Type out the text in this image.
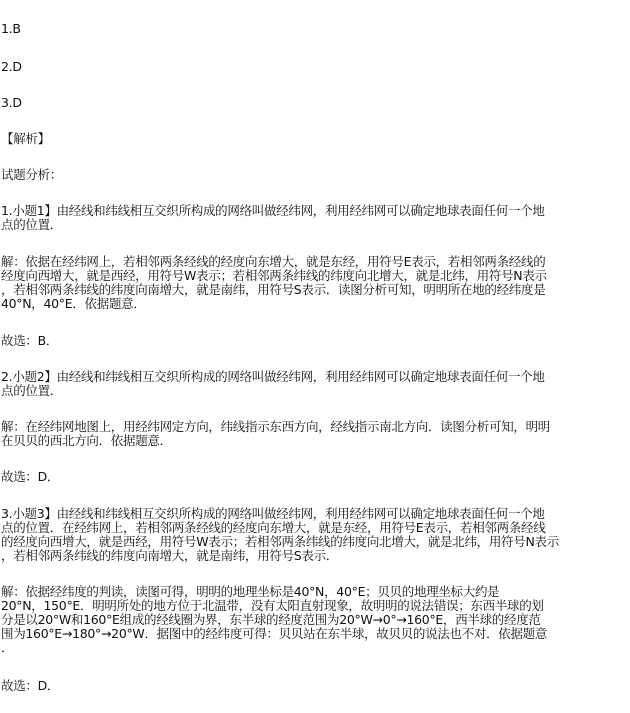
1.B
2.D
3.D
【解析】
试题分析：
1.小题1】由经线和纬线相互交织所构成的网络叫做经纬网，利用经纬网可以确定地球表面任何一个地
点的位置．
解：依据在经纬网上，若相邻两条经线的经度向东增大，就是东经，用符号E表示，若相邻两条经线的
经度向西增大，就是西经，用符号W表示；若相邻两条纬线的纬度向北增大，就是北纬，用符号N表示
，若相邻两条纬线的纬度向南增大，就是南纬，用符号S表示．读图分析可知，明明所在地的经纬度是
40°N，40°E．依据题意．
故选：B．
2.小题2】由经线和纬线相互交织所构成的网络叫做经纬网，利用经纬网可以确定地球表面任何一个地
点的位置．
解：在经纬网地图上，用经纬网定方向，纬线指示东西方向，经线指示南北方向．读图分析可知，明明
在贝贝的西北方向．依据题意．
故选：D．
3.小题3】由经线和纬线相互交织所构成的网络叫做经纬网，利用经纬网可以确定地球表面任何一个地
点的位置．在经纬网上，若相邻两条经线的经度向东增大，就是东经，用符号E表示，若相邻两条经线
的经度向西增大，就是西经，用符号W表示；若相邻两条纬线的纬度向北增大，就是北纬，用符号N表示
，若相邻两条纬线的纬度向南增大，就是南纬，用符号S表示．
解：依据经纬度的判读，读图可得，明明的地理坐标是40°N，40°E；贝贝的地理坐标大约是
20°N，150°E．明明所处的地方位于北温带，没有太阳直射现象，故明明的说法错误；东西半球的划
分是以20°W和160°E组成的经线圈为界，东半球的经度范围为20°W→0°→160°E，西半球的经度范
围为160°E→180°→20°W．据图中的经纬度可得：贝贝站在东半球，故贝贝的说法也不对．依据题意
．
故选：D．
